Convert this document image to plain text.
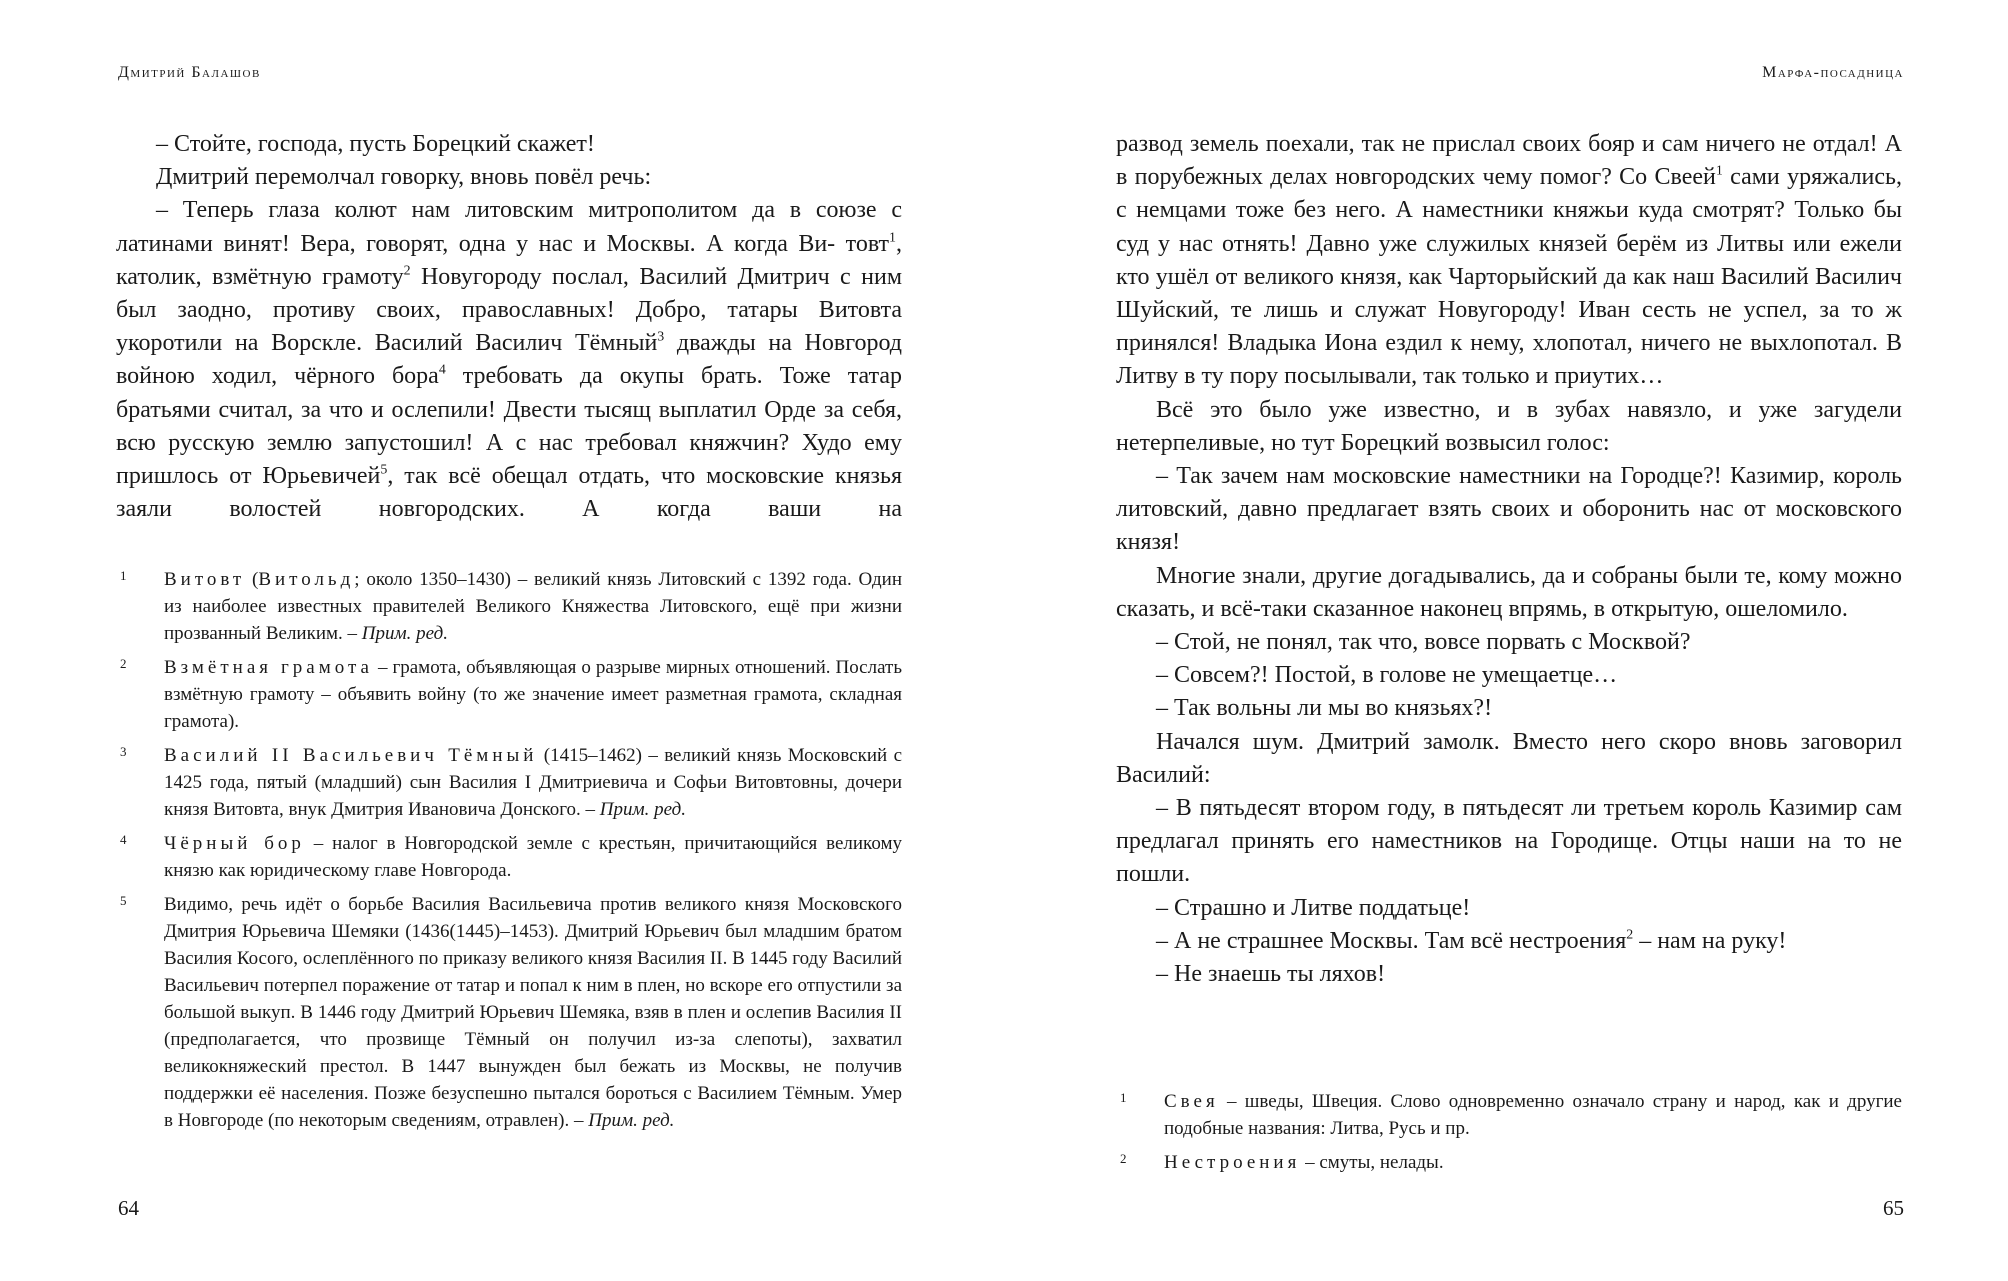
Дмитрий Балашов

– Стойте, господа, пусть Борецкий скажет!

Дмитрий перемолчал говорку, вновь повёл речь:

– Теперь глаза колют нам литовским митрополитом да в союзе с латинами винят! Вера, говорят, одна у нас и Москвы. А когда Ви- товт$^1$, католик, взмётную грамоту$^2$ Новугороду послал, Василий Дмитрич с ним был заодно, противу своих, православных! Добро, татары Витовта укоротили на Ворскле. Василий Василич Тёмный$^3$ дважды на Новгород войною ходил, чёрного бора$^4$ требовать да окупы брать. Тоже татар братьями считал, за что и ослепили! Двести тысящ выплатил Орде за себя, всю русскую землю запустошил! А с нас требовал княжчин? Худо ему пришлось от Юрьевичей$^5$, так всё обещал отдать, что московские князья заяли волостей новгородских. А когда ваши на

1	Витовт (Витольд; около 1350–1430) – великий князь Литовский с 1392 года. Один из наиболее известных правителей Великого Княжества Литовского, ещё при жизни прозванный Великим. – Прим. ред.
2	Взмётная грамота – грамота, объявляющая о разрыве мирных отношений. Послать взмётную грамоту – объявить войну (то же значение имеет разметная грамота, складная грамота).
3	Василий II Васильевич Тёмный (1415–1462) – великий князь Московский с 1425 года, пятый (младший) сын Василия I Дмитриевича и Софьи Витовтовны, дочери князя Витовта, внук Дмитрия Ивановича Донского. – Прим. ред.
4	Чёрный бор – налог в Новгородской земле с крестьян, причитающийся великому князю как юридическому главе Новгорода.
5	Видимо, речь идёт о борьбе Василия Васильевича против великого князя Московского Дмитрия Юрьевича Шемяки (1436(1445)–1453). Дмитрий Юрьевич был младшим братом Василия Косого, ослеплённого по приказу великого князя Василия II. В 1445 году Василий Васильевич потерпел поражение от татар и попал к ним в плен, но вскоре его отпустили за большой выкуп. В 1446 году Дмитрий Юрьевич Шемяка, взяв в плен и ослепив Василия II (предполагается, что прозвище Тёмный он получил из-за слепоты), захватил великокняжеский престол. В 1447 вынужден был бежать из Москвы, не получив поддержки её населения. Позже безуспешно пытался бороться с Василием Тёмным. Умер в Новгороде (по некоторым сведениям, отравлен). – Прим. ред.
64
Марфа-посадница

развод земель поехали, так не прислал своих бояр и сам ничего не отдал! А в порубежных делах новгородских чему помог? Со Свеей$^1$ сами уряжались, с немцами тоже без него. А наместники княжьи куда смотрят? Только бы суд у нас отнять! Давно уже служилых князей берём из Литвы или ежели кто ушёл от великого князя, как Чарторыйский да как наш Василий Василич Шуйский, те лишь и служат Новугороду! Иван сесть не успел, за то ж принялся! Владыка Иона ездил к нему, хлопотал, ничего не выхлопотал. В Литву в ту пору посылывали, так только и приутих…

Всё это было уже известно, и в зубах навязло, и уже загудели нетерпеливые, но тут Борецкий возвысил голос:

– Так зачем нам московские наместники на Городце?! Казимир, король литовский, давно предлагает взять своих и оборонить нас от московского князя!

Многие знали, другие догадывались, да и собраны были те, кому можно сказать, и всё-таки сказанное наконец впрямь, в открытую, ошеломило.

– Стой, не понял, так что, вовсе порвать с Москвой?

– Совсем?! Постой, в голове не умещаетце…

– Так вольны ли мы во князьях?!

Начался шум. Дмитрий замолк. Вместо него скоро вновь заговорил Василий:

– В пятьдесят втором году, в пятьдесят ли третьем король Казимир сам предлагал принять его наместников на Городище. Отцы наши на то не пошли.

– Страшно и Литве поддатьце!

– А не страшнее Москвы. Там всё нестроения$^2$ – нам на руку!

– Не знаешь ты ляхов!

1	Свея – шведы, Швеция. Слово одновременно означало страну и народ, как и другие подобные названия: Литва, Русь и пр.
2	Нестроения – смуты, нелады.
65
